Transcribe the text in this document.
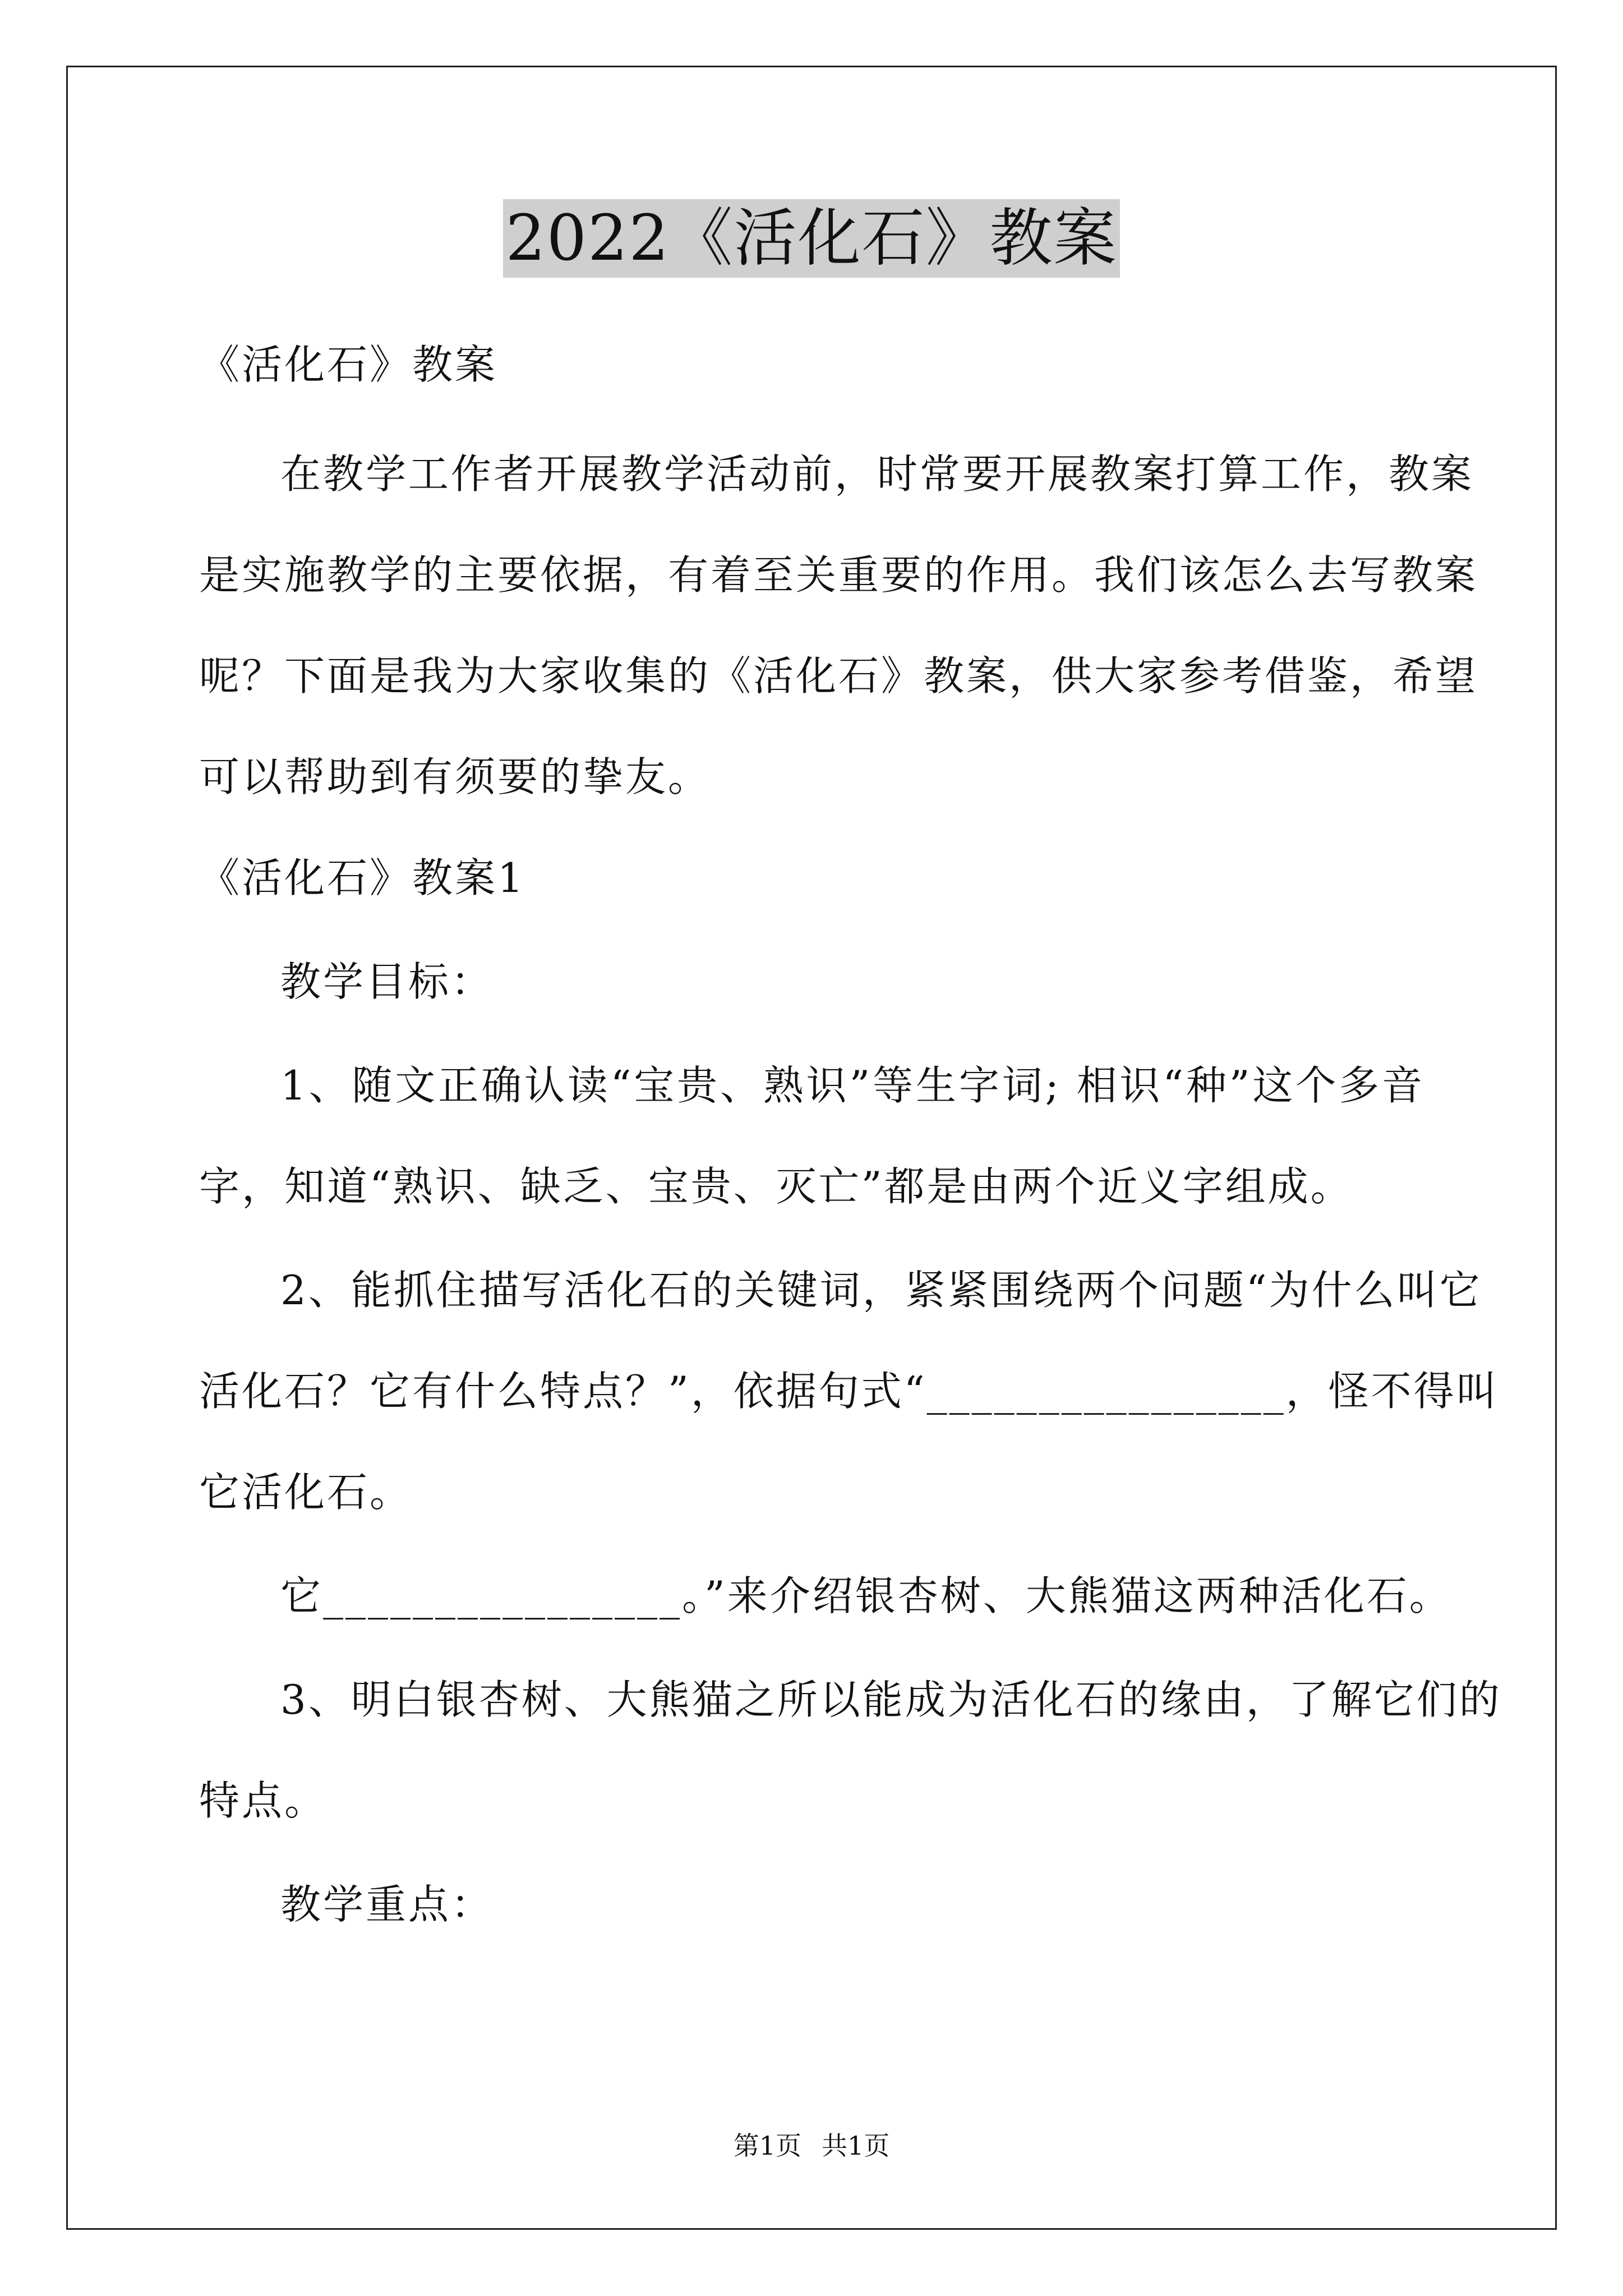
2022《活化石》教案
《活化石》教案
在教学工作者开展教学活动前，时常要开展教案打算工作，教案
是实施教学的主要依据，有着至关重要的作用。我们该怎么去写教案
呢？下面是我为大家收集的《活化石》教案，供大家参考借鉴，希望
可以帮助到有须要的挚友。
《活化石》教案1
教学目标：
1、随文正确认读“宝贵、熟识”等生字词; 相识“种”这个多音
字，知道“熟识、缺乏、宝贵、灭亡”都是由两个近义字组成。
2、能抓住描写活化石的关键词，紧紧围绕两个问题“为什么叫它
活化石？它有什么特点？”，依据句式“________________，怪不得叫
它活化石。
它________________。”来介绍银杏树、大熊猫这两种活化石。
3、明白银杏树、大熊猫之所以能成为活化石的缘由，了解它们的
特点。
教学重点：
第1页 共1页
